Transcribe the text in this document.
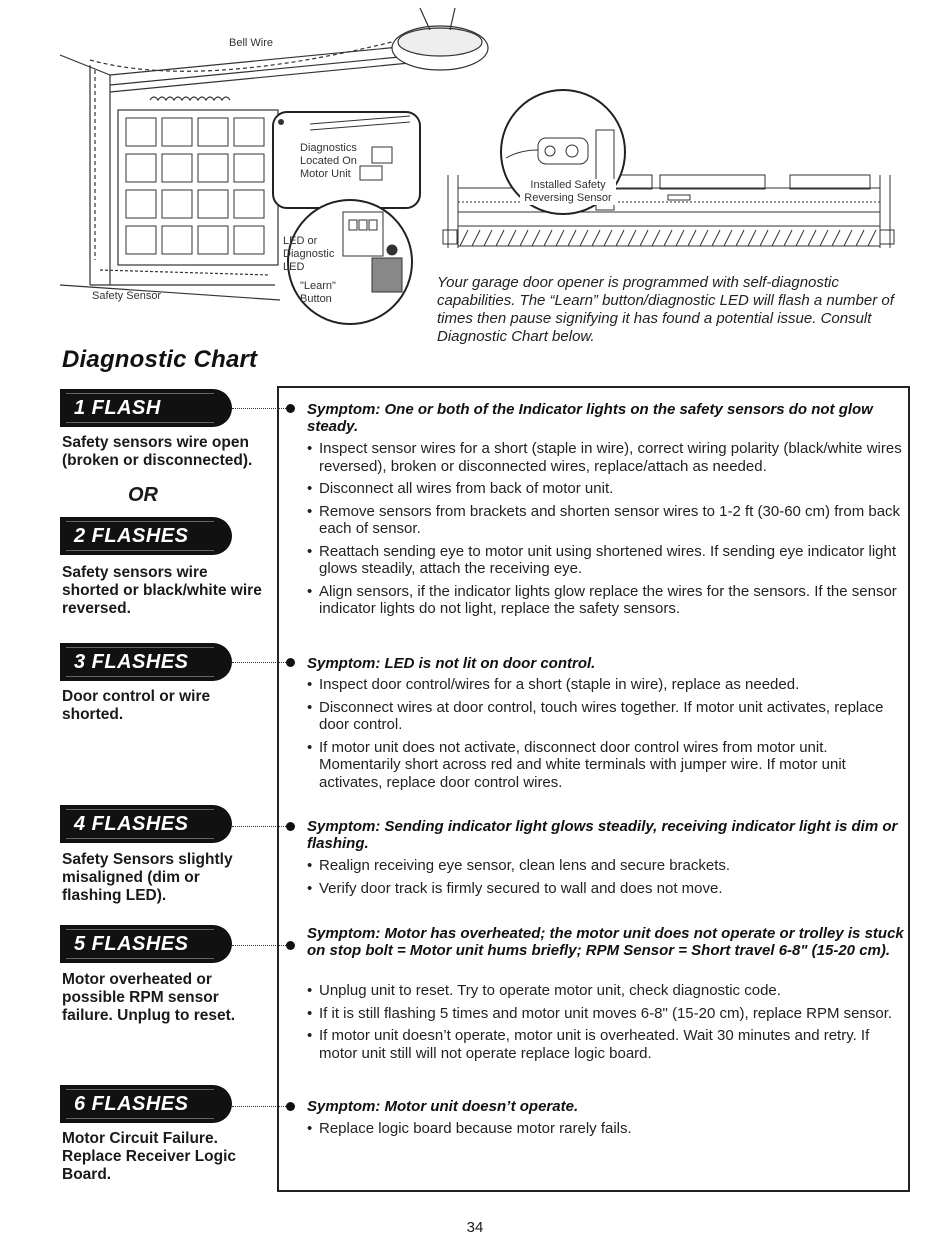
Bell Wire
Safety Sensor
Diagnostics Located On Motor Unit
LED or Diagnostic LED
"Learn" Button
Installed Safety Reversing Sensor
Your garage door opener is programmed with self-diagnostic capabilities. The “Learn” button/diagnostic LED will flash a number of times then pause signifying it has found a potential issue. Consult Diagnostic Chart below.
Diagnostic Chart
1 FLASH
Safety sensors wire open (broken or disconnected).
OR
2 FLASHES
Safety sensors wire shorted or black/white wire reversed.
3 FLASHES
Door control or wire shorted.
4 FLASHES
Safety Sensors slightly misaligned (dim or flashing LED).
5 FLASHES
Motor overheated or possible RPM sensor failure. Unplug to reset.
6 FLASHES
Motor Circuit Failure. Replace Receiver Logic Board.
Symptom: One or both of the Indicator lights on the safety sensors do not glow steady.
• Inspect sensor wires for a short (staple in wire), correct wiring polarity (black/white wires reversed), broken or disconnected wires, replace/attach as needed.
• Disconnect all wires from back of motor unit.
• Remove sensors from brackets and shorten sensor wires to 1-2 ft (30-60 cm) from back each of sensor.
• Reattach sending eye to motor unit using shortened wires. If sending eye indicator light glows steadily, attach the receiving eye.
• Align sensors, if the indicator lights glow replace the wires for the sensors. If the sensor indicator lights do not light, replace the safety sensors.
Symptom: LED is not lit on door control.
• Inspect door control/wires for a short (staple in wire), replace as needed.
• Disconnect wires at door control, touch wires together. If motor unit activates, replace door control.
• If motor unit does not activate, disconnect door control wires from motor unit. Momentarily short across red and white terminals with jumper wire. If motor unit activates, replace door control wires.
Symptom: Sending indicator light glows steadily, receiving indicator light is dim or flashing.
• Realign receiving eye sensor, clean lens and secure brackets.
• Verify door track is firmly secured to wall and does not move.
Symptom: Motor has overheated; the motor unit does not operate or trolley is stuck on stop bolt = Motor unit hums briefly; RPM Sensor = Short travel 6-8" (15-20 cm).
• Unplug unit to reset. Try to operate motor unit, check diagnostic code.
• If it is still flashing 5 times and motor unit moves 6-8" (15-20 cm), replace RPM sensor.
• If motor unit doesn’t operate, motor unit is overheated. Wait 30 minutes and retry. If motor unit still will not operate replace logic board.
Symptom: Motor unit doesn’t operate.
• Replace logic board because motor rarely fails.
34
